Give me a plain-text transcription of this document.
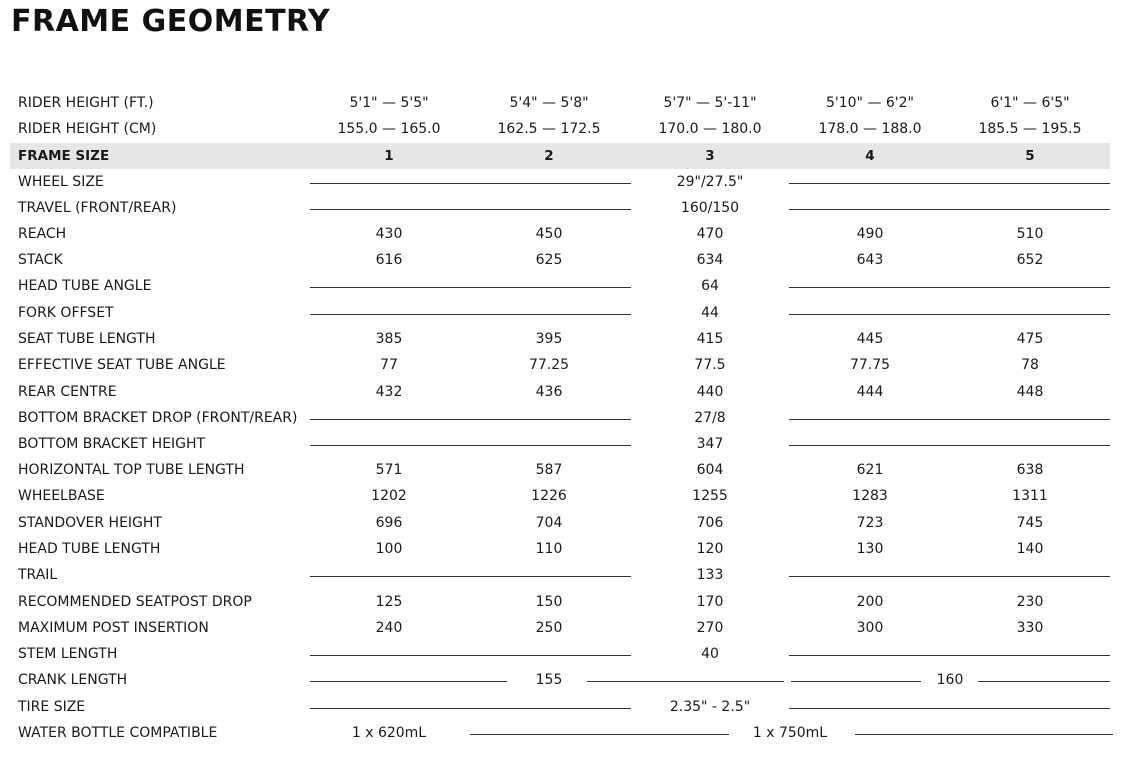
FRAME GEOMETRY
RIDER HEIGHT (FT.)	5'1" — 5'5"	5'4" — 5'8"	5'7" — 5'-11"	5'10" — 6'2"	6'1" — 6'5"
RIDER HEIGHT (CM)	155.0 — 165.0	162.5 — 172.5	170.0 — 180.0	178.0 — 188.0	185.5 — 195.5
FRAME SIZE	1	2	3	4	5
WHEEL SIZE	29"/27.5"
TRAVEL (FRONT/REAR)	160/150
REACH	430	450	470	490	510
STACK	616	625	634	643	652
HEAD TUBE ANGLE	64
FORK OFFSET	44
SEAT TUBE LENGTH	385	395	415	445	475
EFFECTIVE SEAT TUBE ANGLE	77	77.25	77.5	77.75	78
REAR CENTRE	432	436	440	444	448
BOTTOM BRACKET DROP (FRONT/REAR)	27/8
BOTTOM BRACKET HEIGHT	347
HORIZONTAL TOP TUBE LENGTH	571	587	604	621	638
WHEELBASE	1202	1226	1255	1283	1311
STANDOVER HEIGHT	696	704	706	723	745
HEAD TUBE LENGTH	100	110	120	130	140
TRAIL	133
RECOMMENDED SEATPOST DROP	125	150	170	200	230
MAXIMUM POST INSERTION	240	250	270	300	330
STEM LENGTH	40
CRANK LENGTH	155	160
TIRE SIZE	2.35" - 2.5"
WATER BOTTLE COMPATIBLE	1 x 620mL	1 x 750mL
